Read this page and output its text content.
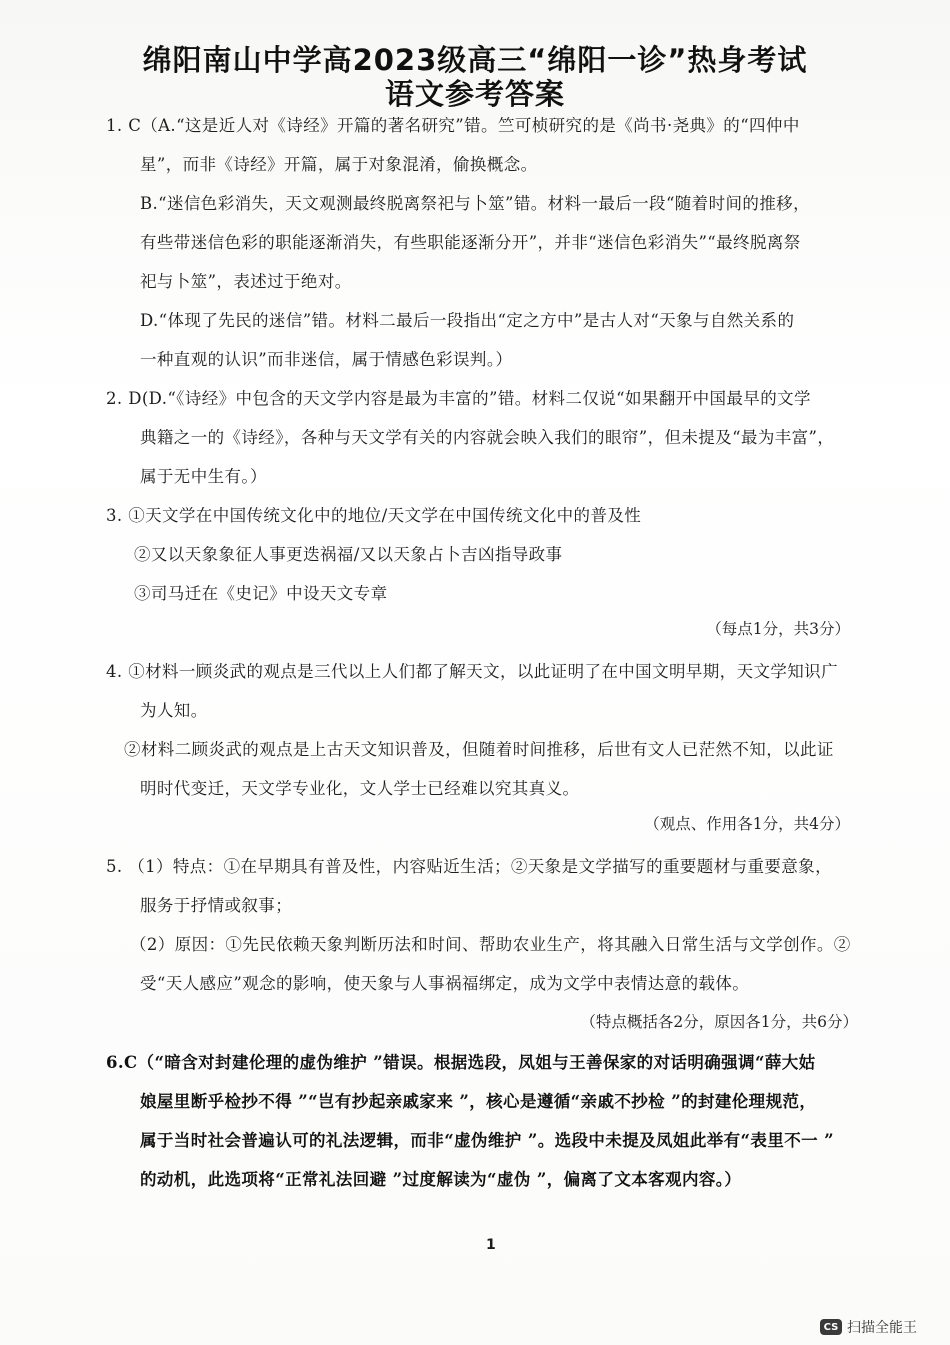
绵阳南山中学高2023级高三“绵阳一诊”热身考试
语文参考答案
1. C（A.“这是近人对《诗经》开篇的著名研究”错。竺可桢研究的是《尚书·尧典》的“四仲中
星”，而非《诗经》开篇，属于对象混淆，偷换概念。
B.“迷信色彩消失，天文观测最终脱离祭祀与卜筮”错。材料一最后一段“随着时间的推移，
有些带迷信色彩的职能逐渐消失，有些职能逐渐分开”，并非“迷信色彩消失”“最终脱离祭
祀与卜筮”，表述过于绝对。
D.“体现了先民的迷信”错。材料二最后一段指出“定之方中”是古人对“天象与自然关系的
一种直观的认识”而非迷信，属于情感色彩误判。）
2. D(D.“《诗经》中包含的天文学内容是最为丰富的”错。材料二仅说“如果翻开中国最早的文学
典籍之一的《诗经》，各种与天文学有关的内容就会映入我们的眼帘”，但未提及“最为丰富”，
属于无中生有。）
3. ①天文学在中国传统文化中的地位/天文学在中国传统文化中的普及性
②又以天象象征人事更迭祸福/又以天象占卜吉凶指导政事
③司马迁在《史记》中设天文专章
（每点1分，共3分）
4. ①材料一顾炎武的观点是三代以上人们都了解天文，以此证明了在中国文明早期，天文学知识广
为人知。
②材料二顾炎武的观点是上古天文知识普及，但随着时间推移，后世有文人已茫然不知，以此证
明时代变迁，天文学专业化，文人学士已经难以究其真义。
（观点、作用各1分，共4分）
5. （1）特点：①在早期具有普及性，内容贴近生活；②天象是文学描写的重要题材与重要意象，
服务于抒情或叙事；
（2）原因：①先民依赖天象判断历法和时间、帮助农业生产，将其融入日常生活与文学创作。②
受“天人感应”观念的影响，使天象与人事祸福绑定，成为文学中表情达意的载体。
（特点概括各2分，原因各1分，共6分）
6.C（“暗含对封建伦理的虚伪维护 ”错误。根据选段，凤姐与王善保家的对话明确强调“薛大姑
娘屋里断乎检抄不得 ”“岂有抄起亲戚家来 ”，核心是遵循“亲戚不抄检 ”的封建伦理规范，
属于当时社会普遍认可的礼法逻辑，而非“虚伪维护 ”。选段中未提及凤姐此举有“表里不一 ”
的动机，此选项将“正常礼法回避 ”过度解读为“虚伪 ”，偏离了文本客观内容。）
1
CS 扫描全能王
